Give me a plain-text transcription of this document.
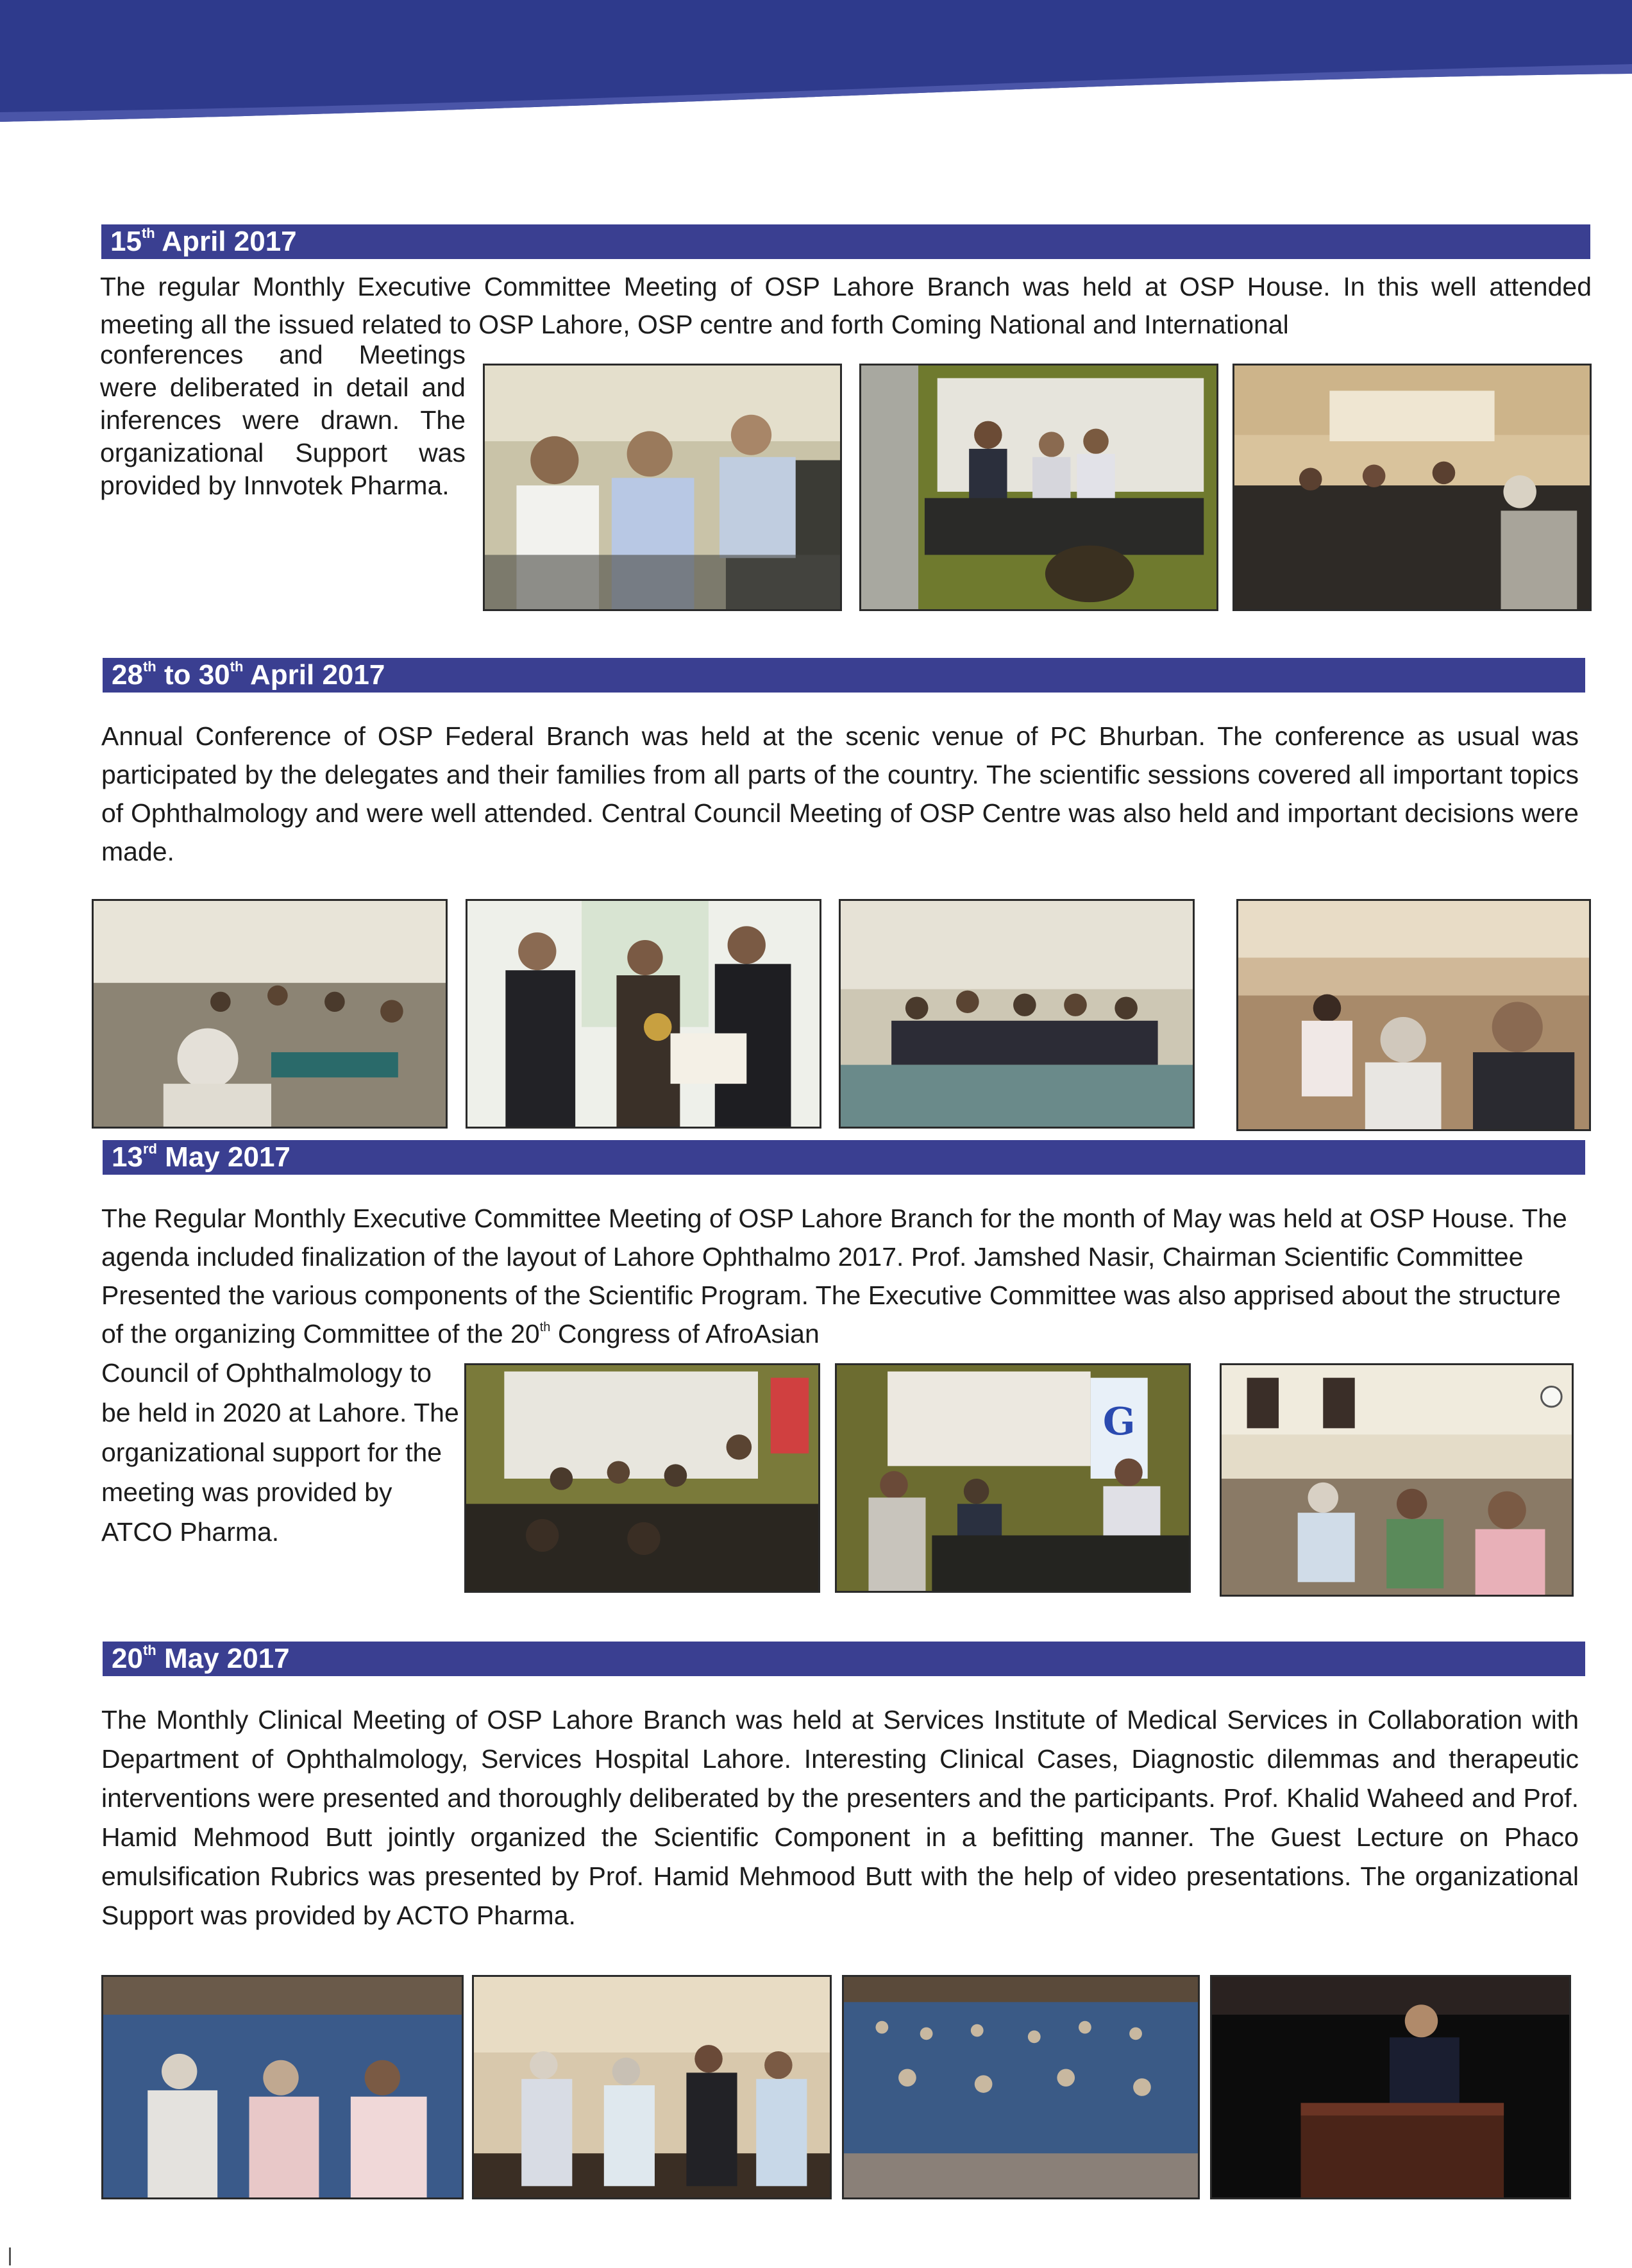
15th April 2017

The regular Monthly Executive Committee Meeting of OSP Lahore Branch was held at OSP House. In this well attended meeting all the issued related to OSP Lahore, OSP centre and forth Coming National and International

conferences and Meetings were deliberated in detail and inferences were drawn. The organizational Support was provided by Innvotek Pharma.

28th to 30th April 2017

Annual Conference of OSP Federal Branch was held at the scenic venue of PC Bhurban. The conference as usual was participated by the delegates and their families from all parts of the country. The scientific sessions covered all important topics of Ophthalmology and were well attended. Central Council Meeting of OSP Centre was also held and important decisions were made.

13rd May 2017

The Regular Monthly Executive Committee Meeting of OSP Lahore Branch for the month of May was held at OSP House. The agenda included finalization of the layout of Lahore Ophthalmo 2017. Prof. Jamshed Nasir, Chairman Scientific Committee Presented the various components of the Scientific Program. The Executive Committee was also apprised about the structure of the organizing Committee of the 20th Congress of AfroAsian

Council of Ophthalmology to be held in 2020 at Lahore. The organizational support for the meeting was provided by ATCO Pharma.

G
20th May 2017

The Monthly Clinical Meeting of OSP Lahore Branch was held at Services Institute of Medical Services in Collaboration with Department of Ophthalmology, Services Hospital Lahore. Interesting Clinical Cases, Diagnostic dilemmas and therapeutic interventions were presented and thoroughly deliberated by the presenters and the participants. Prof. Khalid Waheed and Prof. Hamid Mehmood Butt jointly organized the Scientific Component in a befitting manner. The Guest Lecture on Phaco emulsification Rubrics was presented by Prof. Hamid Mehmood Butt with the help of video presentations. The organizational Support was provided by ACTO Pharma.
